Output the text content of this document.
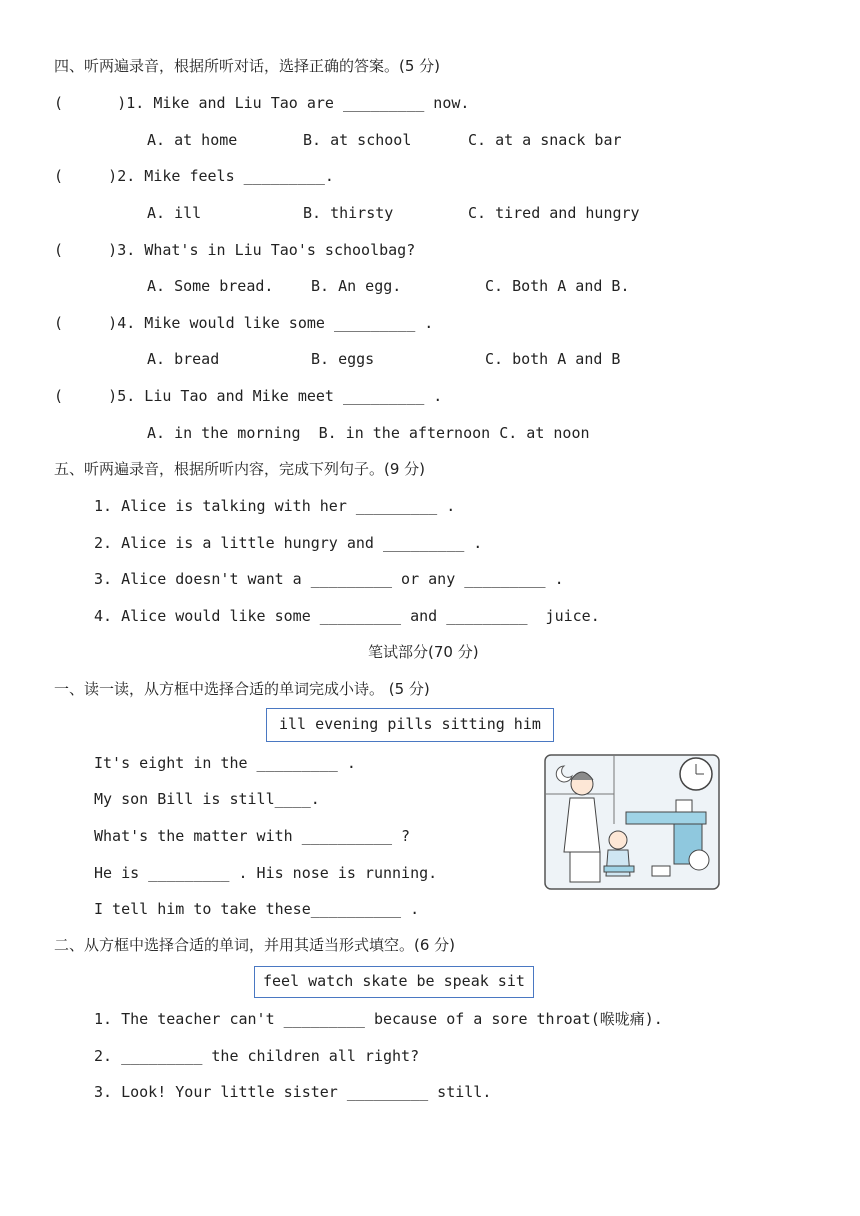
四、听两遍录音，根据所听对话，选择正确的答案。(5 分)
(      )1. Mike and Liu Tao are _________ now.
A. at home	B. at school	C. at a snack bar
(     )2. Mike feels _________.
A. ill	B. thirsty	C. tired and hungry
(     )3. What's in Liu Tao's schoolbag?
A. Some bread.	B. An egg.	C. Both A and B.
(     )4. Mike would like some _________ .
A. bread	B. eggs	C. both A and B
(     )5. Liu Tao and Mike meet _________ .
A. in the morning  B. in the afternoon C. at noon
五、听两遍录音，根据所听内容，完成下列句子。(9 分)
1. Alice is talking with her _________ .
2. Alice is a little hungry and _________ .
3. Alice doesn't want a _________ or any _________ .
4. Alice would like some _________ and _________  juice.
笔试部分(70 分)
一、读一读，从方框中选择合适的单词完成小诗。 (5 分)
ill evening pills sitting him
It's eight in the _________ .
My son Bill is still____.
What's the matter with __________ ?
He is _________ . His nose is running.
I tell him to take these__________ .
二、从方框中选择合适的单词，并用其适当形式填空。(6 分)
feel watch skate be speak sit
1. The teacher can't _________ because of a sore throat(喉咙痛).
2. _________ the children all right?
3. Look! Your little sister _________ still.
